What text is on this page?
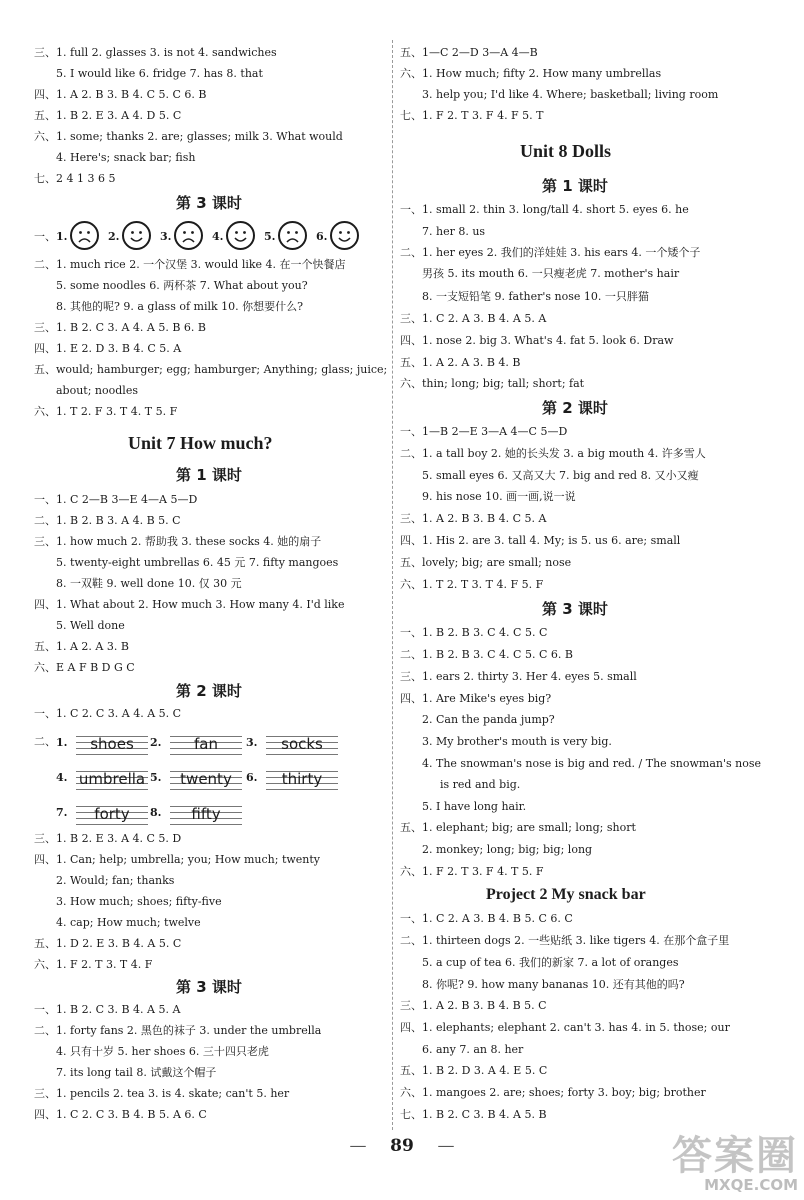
三、1. full 2. glasses 3. is not 4. sandwiches
5. I would like 6. fridge 7. has 8. that
四、1. A 2. B 3. B 4. C 5. C 6. B
五、1. B 2. E 3. A 4. D 5. C
六、1. some; thanks 2. are; glasses; milk 3. What would
4. Here's; snack bar; fish
七、2 4 1 3 6 5
第 3 课时
一、
二、1. much rice 2. 一个汉堡 3. would like 4. 在一个快餐店
5. some noodles 6. 两杯茶 7. What about you?
8. 其他的呢? 9. a glass of milk 10. 你想要什么?
三、1. B 2. C 3. A 4. A 5. B 6. B
四、1. E 2. D 3. B 4. C 5. A
五、would; hamburger; egg; hamburger; Anything; glass; juice;
about; noodles
六、1. T 2. F 3. T 4. T 5. F
Unit 7 How much?
第 1 课时
一、1. C 2—B 3—E 4—A 5—D
二、1. B 2. B 3. A 4. B 5. C
三、1. how much 2. 帮助我 3. these socks 4. 她的扇子
5. twenty-eight umbrellas 6. 45 元 7. fifty mangoes
8. 一双鞋 9. well done 10. 仅 30 元
四、1. What about 2. How much 3. How many 4. I'd like
5. Well done
五、1. A 2. A 3. B
六、E A F B D G C
第 2 课时
一、1. C 2. C 3. A 4. A 5. C
二、
三、1. B 2. E 3. A 4. C 5. D
四、1. Can; help; umbrella; you; How much; twenty
2. Would; fan; thanks
3. How much; shoes; fifty-five
4. cap; How much; twelve
五、1. D 2. E 3. B 4. A 5. C
六、1. F 2. T 3. T 4. F
第 3 课时
一、1. B 2. C 3. B 4. A 5. A
二、1. forty fans 2. 黑色的袜子 3. under the umbrella
4. 只有十岁 5. her shoes 6. 三十四只老虎
7. its long tail 8. 试戴这个帽子
三、1. pencils 2. tea 3. is 4. skate; can't 5. her
四、1. C 2. C 3. B 4. B 5. A 6. C
1.	2.	3.	4.	5.	6.
1.	shoes	2.	fan	3.	socks
4. umbrella 5.	twenty	6.	thirty
7.	forty	8.	fifty
五、1—C 2—D 3—A 4—B
六、1. How much; fifty 2. How many umbrellas
3. help you; I'd like 4. Where; basketball; living room
七、1. F 2. T 3. F 4. F 5. T
Unit 8 Dolls
第 1 课时
一、1. small 2. thin 3. long/tall 4. short 5. eyes 6. he
7. her 8. us
二、1. her eyes 2. 我们的洋娃娃 3. his ears 4. 一个矮个子
男孩 5. its mouth 6. 一只瘦老虎 7. mother's hair
8. 一支短铅笔 9. father's nose 10. 一只胖猫
三、1. C 2. A 3. B 4. A 5. A
四、1. nose 2. big 3. What's 4. fat 5. look 6. Draw
五、1. A 2. A 3. B 4. B
六、thin; long; big; tall; short; fat
第 2 课时
一、1—B 2—E 3—A 4—C 5—D
二、1. a tall boy 2. 她的长头发 3. a big mouth 4. 许多雪人
5. small eyes 6. 又高又大 7. big and red 8. 又小又瘦
9. his nose 10. 画一画,说一说
三、1. A 2. B 3. B 4. C 5. A
四、1. His 2. are 3. tall 4. My; is 5. us 6. are; small
五、lovely; big; are small; nose
六、1. T 2. T 3. T 4. F 5. F
第 3 课时
一、1. B 2. B 3. C 4. C 5. C
二、1. B 2. B 3. C 4. C 5. C 6. B
三、1. ears 2. thirty 3. Her 4. eyes 5. small
四、1. Are Mike's eyes big?
2. Can the panda jump?
3. My brother's mouth is very big.
4. The snowman's nose is big and red. / The snowman's nose
is red and big.
5. I have long hair.
五、1. elephant; big; are small; long; short
2. monkey; long; big; big; long
六、1. F 2. T 3. F 4. T 5. F
Project 2 My snack bar
一、1. C 2. A 3. B 4. B 5. C 6. C
二、1. thirteen dogs 2. 一些贴纸 3. like tigers 4. 在那个盒子里
5. a cup of tea 6. 我们的新家 7. a lot of oranges
8. 你呢? 9. how many bananas 10. 还有其他的吗?
三、1. A 2. B 3. B 4. B 5. C
四、1. elephants; elephant 2. can't 3. has 4. in 5. those; our
6. any 7. an 8. her
五、1. B 2. D 3. A 4. E 5. C
六、1. mangoes 2. are; shoes; forty 3. boy; big; brother
七、1. B 2. C 3. B 4. A 5. B
— 89 —	答案圈
MXQE.COM
